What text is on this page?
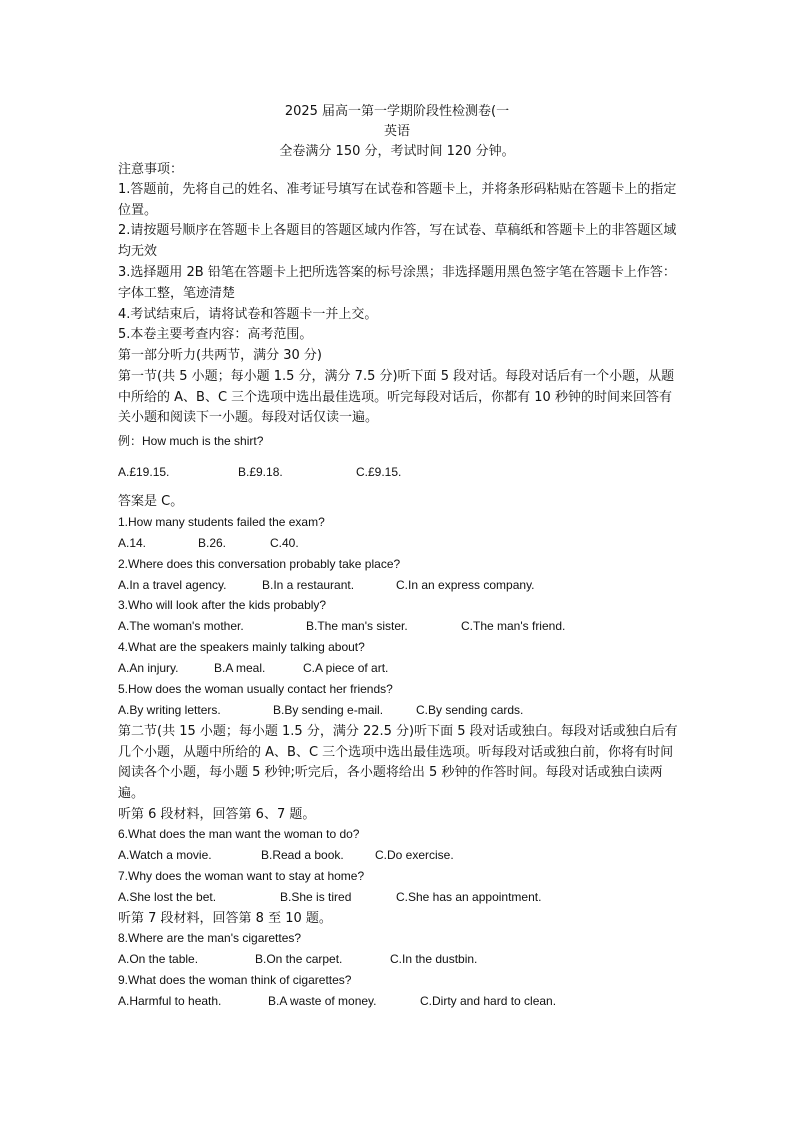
2025 届高一第一学期阶段性检测卷(一
英语
全卷满分 150 分，考试时间 120 分钟。

注意事项：

1.答题前，先将自己的姓名、准考证号填写在试卷和答题卡上，并将条形码粘贴在答题卡上的指定位置。

2.请按题号顺序在答题卡上各题目的答题区域内作答，写在试卷、草稿纸和答题卡上的非答题区域均无效

3.选择题用 2B 铅笔在答题卡上把所选答案的标号涂黑；非选择题用黑色签字笔在答题卡上作答：字体工整，笔迹清楚

4.考试结束后，请将试卷和答题卡一并上交。

5.本卷主要考查内容：高考范围。

第一部分听力(共两节，满分 30 分)

第一节(共 5 小题；每小题 1.5 分，满分 7.5 分)听下面 5 段对话。每段对话后有一个小题，从题中所给的 A、B、C 三个选项中选出最佳选项。听完每段对话后，你都有 10 秒钟的时间来回答有关小题和阅读下一小题。每段对话仅读一遍。

例：How much is the shirt?

A.£19.15.	B.£9.18.	C.£9.15.

答案是 C。

1.How many students failed the exam?

A.14.	B.26.	C.40.

2.Where does this conversation probably take place?

A.In a travel agency.	B.In a restaurant.	C.In an express company.

3.Who will look after the kids probably?

A.The woman's mother.	B.The man's sister.	C.The man's friend.

4.What are the speakers mainly talking about?

A.An injury.	B.A meal.	C.A piece of art.

5.How does the woman usually contact her friends?

A.By writing letters.	B.By sending e-mail.	C.By sending cards.

第二节(共 15 小题；每小题 1.5 分，满分 22.5 分)听下面 5 段对话或独白。每段对话或独白后有几个小题，从题中所给的 A、B、C 三个选项中选出最佳选项。听每段对话或独白前，你将有时间阅读各个小题，每小题 5 秒钟;听完后，各小题将给出 5 秒钟的作答时间。每段对话或独白读两遍。

听第 6 段材料，回答第 6、7 题。

6.What does the man want the woman to do?

A.Watch a movie.	B.Read a book.	C.Do exercise.

7.Why does the woman want to stay at home?

A.She lost the bet.	B.She is tired	C.She has an appointment.

听第 7 段材料，回答第 8 至 10 题。

8.Where are the man's cigarettes?

A.On the table.	B.On the carpet.	C.In the dustbin.

9.What does the woman think of cigarettes?

A.Harmful to heath.	B.A waste of money.	C.Dirty and hard to clean.
